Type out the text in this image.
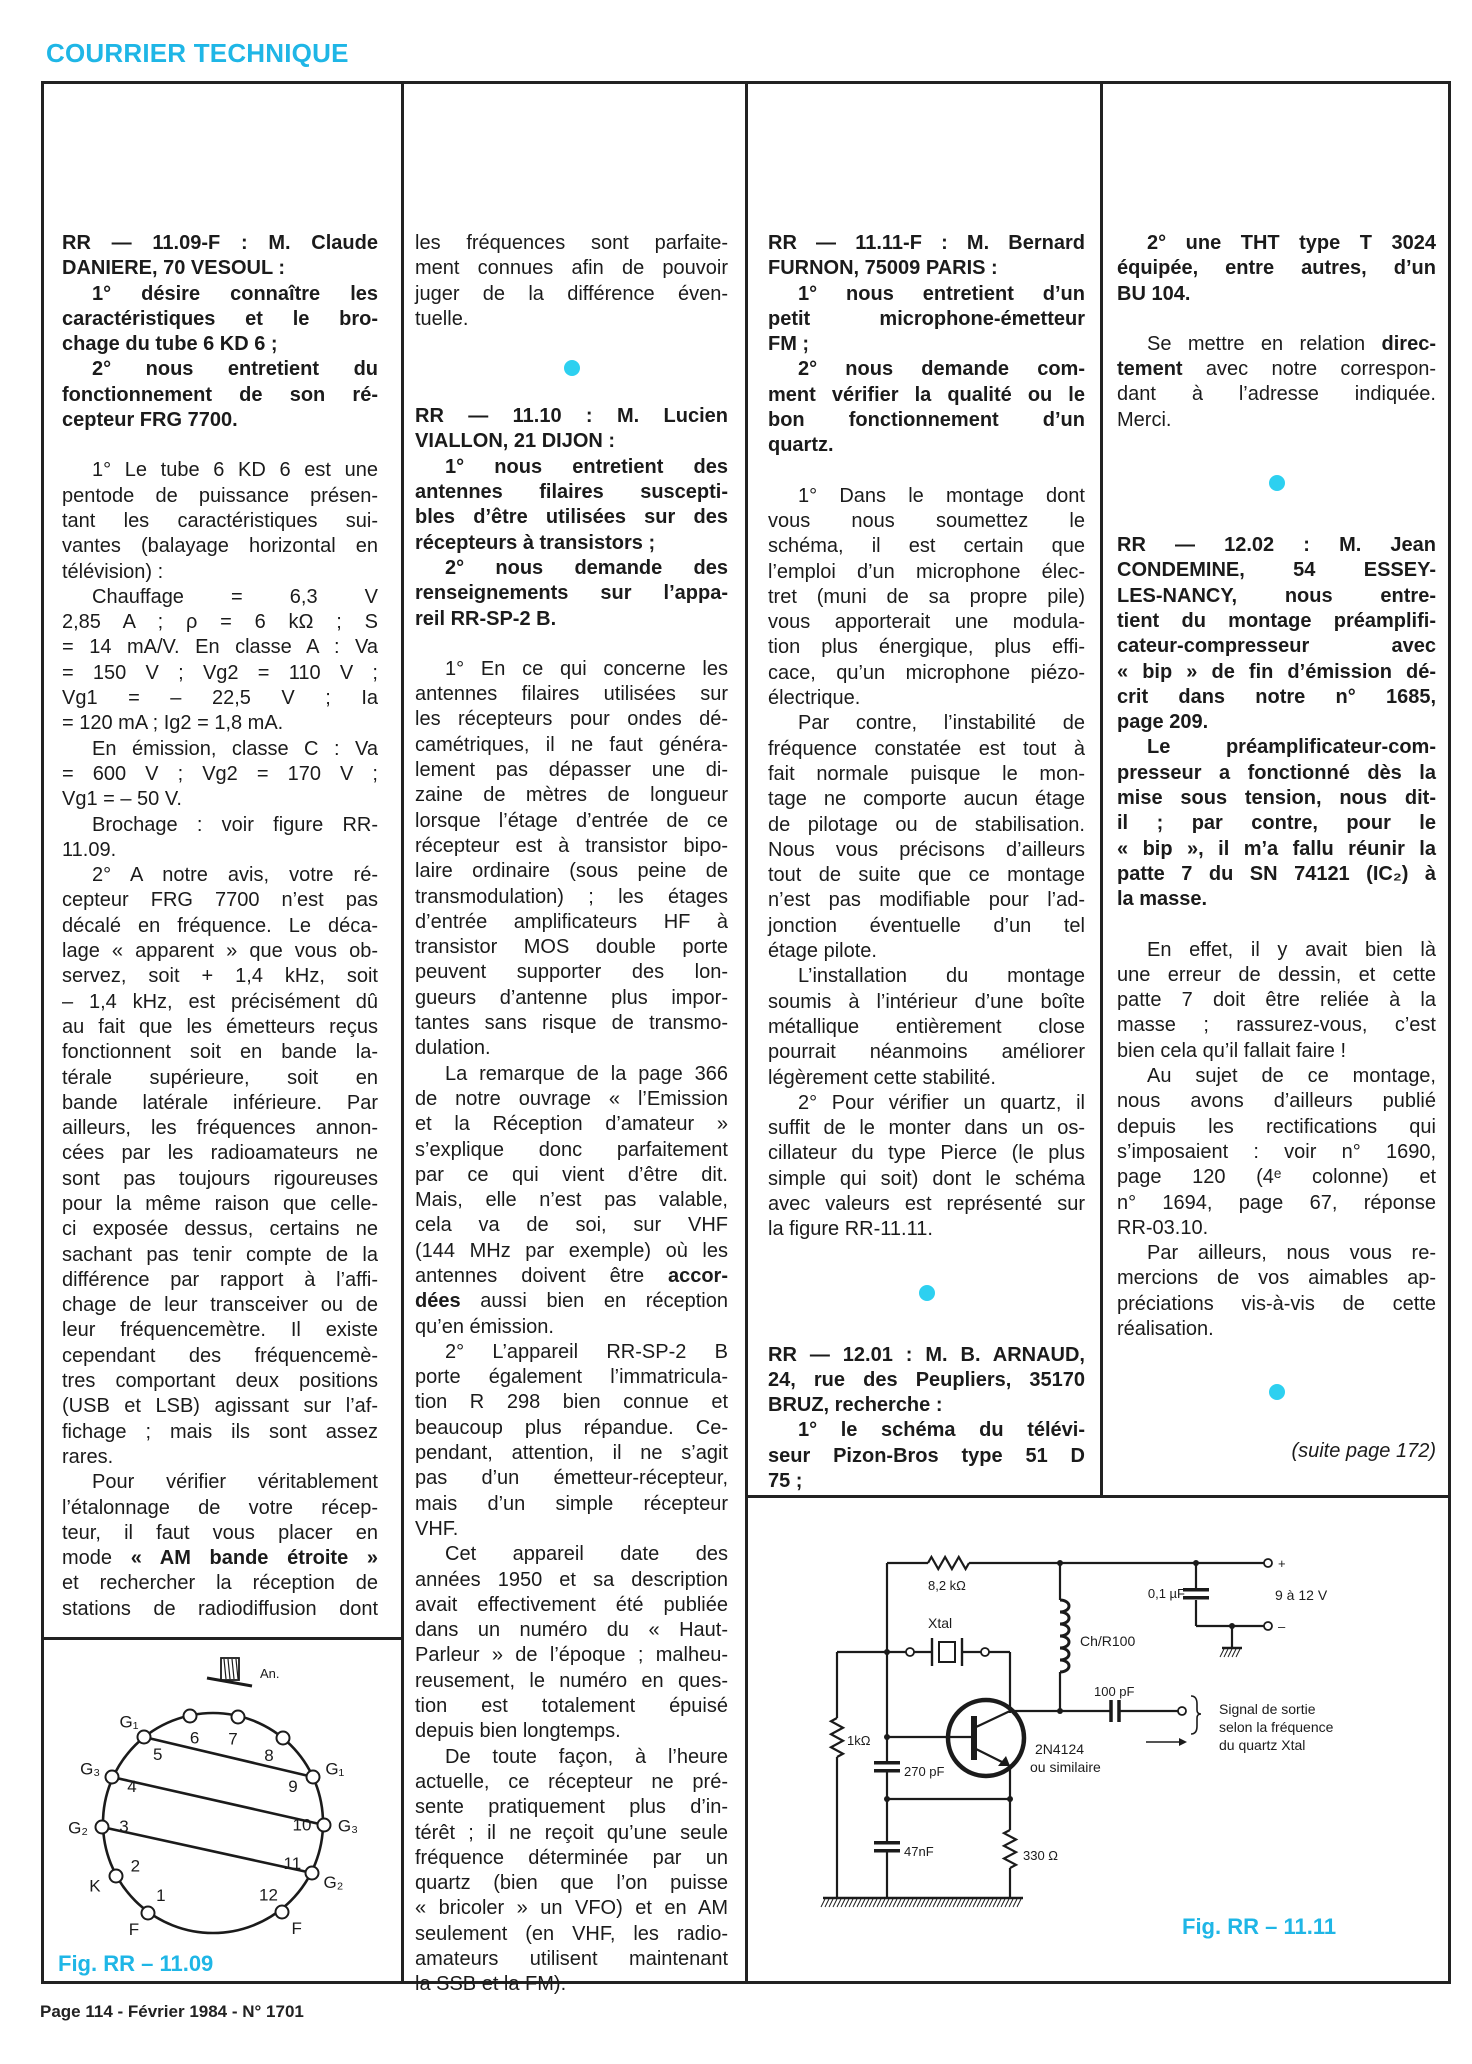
COURRIER TECHNIQUE
RR — 11.09-F : M. Claude
DANIERE, 70 VESOUL :
1° désire connaître les
caractéristiques et le bro-
chage du tube 6 KD 6 ;
2° nous entretient du
fonctionnement de son ré-
cepteur FRG 7700.
1° Le tube 6 KD 6 est une
pentode de puissance présen-
tant les caractéristiques sui-
vantes (balayage horizontal en
télévision) :
Chauffage = 6,3 V
2,85 A ; ρ = 6 kΩ ; S
= 14 mA/V. En classe A : Va
= 150 V ; Vg2 = 110 V ;
Vg1 = – 22,5 V ; Ia
= 120 mA ; Ig2 = 1,8 mA.
En émission, classe C : Va
= 600 V ; Vg2 = 170 V ;
Vg1 = – 50 V.
Brochage : voir figure RR-
11.09.
2° A notre avis, votre ré-
cepteur FRG 7700 n’est pas
décalé en fréquence. Le déca-
lage « apparent » que vous ob-
servez, soit + 1,4 kHz, soit
– 1,4 kHz, est précisément dû
au fait que les émetteurs reçus
fonctionnent soit en bande la-
térale supérieure, soit en
bande latérale inférieure. Par
ailleurs, les fréquences annon-
cées par les radioamateurs ne
sont pas toujours rigoureuses
pour la même raison que celle-
ci exposée dessus, certains ne
sachant pas tenir compte de la
différence par rapport à l’affi-
chage de leur transceiver ou de
leur fréquencemètre. Il existe
cependant des fréquencemè-
tres comportant deux positions
(USB et LSB) agissant sur l’af-
fichage ; mais ils sont assez
rares.
Pour vérifier véritablement
l’étalonnage de votre récep-
teur, il faut vous placer en
mode « AM bande étroite »
et rechercher la réception de
stations de radiodiffusion dont
les fréquences sont parfaite-
ment connues afin de pouvoir
juger de la différence éven-
tuelle.
RR — 11.10 : M. Lucien
VIALLON, 21 DIJON :
1° nous entretient des
antennes filaires suscepti-
bles d’être utilisées sur des
récepteurs à transistors ;
2° nous demande des
renseignements sur l’appa-
reil RR-SP-2 B.
1° En ce qui concerne les
antennes filaires utilisées sur
les récepteurs pour ondes dé-
camétriques, il ne faut généra-
lement pas dépasser une di-
zaine de mètres de longueur
lorsque l’étage d’entrée de ce
récepteur est à transistor bipo-
laire ordinaire (sous peine de
transmodulation) ; les étages
d’entrée amplificateurs HF à
transistor MOS double porte
peuvent supporter des lon-
gueurs d’antenne plus impor-
tantes sans risque de transmo-
dulation.
La remarque de la page 366
de notre ouvrage « l’Emission
et la Réception d’amateur »
s’explique donc parfaitement
par ce qui vient d’être dit.
Mais, elle n’est pas valable,
cela va de soi, sur VHF
(144 MHz par exemple) où les
antennes doivent être accor-
dées aussi bien en réception
qu’en émission.
2° L’appareil RR-SP-2 B
porte également l’immatricula-
tion R 298 bien connue et
beaucoup plus répandue. Ce-
pendant, attention, il ne s’agit
pas d’un émetteur-récepteur,
mais d’un simple récepteur
VHF.
Cet appareil date des
années 1950 et sa description
avait effectivement été publiée
dans un numéro du « Haut-
Parleur » de l’époque ; malheu-
reusement, le numéro en ques-
tion est totalement épuisé
depuis bien longtemps.
De toute façon, à l’heure
actuelle, ce récepteur ne pré-
sente pratiquement plus d’in-
térêt ; il ne reçoit qu’une seule
fréquence déterminée par un
quartz (bien que l’on puisse
« bricoler » un VFO) et en AM
seulement (en VHF, les radio-
amateurs utilisent maintenant
la SSB et la FM).
RR — 11.11-F : M. Bernard
FURNON, 75009 PARIS :
1° nous entretient d’un
petit microphone-émetteur
FM ;
2° nous demande com-
ment vérifier la qualité ou le
bon fonctionnement d’un
quartz.
1° Dans le montage dont
vous nous soumettez le
schéma, il est certain que
l’emploi d’un microphone élec-
tret (muni de sa propre pile)
vous apporterait une modula-
tion plus énergique, plus effi-
cace, qu’un microphone piézo-
électrique.
Par contre, l’instabilité de
fréquence constatée est tout à
fait normale puisque le mon-
tage ne comporte aucun étage
de pilotage ou de stabilisation.
Nous vous précisons d’ailleurs
tout de suite que ce montage
n’est pas modifiable pour l’ad-
jonction éventuelle d’un tel
étage pilote.
L’installation du montage
soumis à l’intérieur d’une boîte
métallique entièrement close
pourrait néanmoins améliorer
légèrement cette stabilité.
2° Pour vérifier un quartz, il
suffit de le monter dans un os-
cillateur du type Pierce (le plus
simple qui soit) dont le schéma
avec valeurs est représenté sur
la figure RR-11.11.
RR — 12.01 : M. B. ARNAUD,
24, rue des Peupliers, 35170
BRUZ, recherche :
1° le schéma du télévi-
seur Pizon-Bros type 51 D
75 ;
2° une THT type T 3024
équipée, entre autres, d’un
BU 104.
Se mettre en relation direc-
tement avec notre correspon-
dant à l’adresse indiquée.
Merci.
RR — 12.02 : M. Jean
CONDEMINE, 54 ESSEY-
LES-NANCY, nous entre-
tient du montage préamplifi-
cateur-compresseur avec
« bip » de fin d’émission dé-
crit dans notre n° 1685,
page 209.
Le préamplificateur-com-
presseur a fonctionné dès la
mise sous tension, nous dit-
il ; par contre, pour le
« bip », il m’a fallu réunir la
patte 7 du SN 74121 (IC₂) à
la masse.
En effet, il y avait bien là
une erreur de dessin, et cette
patte 7 doit être reliée à la
masse ; rassurez-vous, c’est
bien cela qu’il fallait faire !
Au sujet de ce montage,
nous avons d’ailleurs publié
depuis les rectifications qui
s’imposaient : voir n° 1690,
page 120 (4ᵉ colonne) et
n° 1694, page 67, réponse
RR-03.10.
Par ailleurs, nous vous re-
mercions de vos aimables ap-
préciations vis-à-vis de cette
réalisation.
(suite page 172)
1
F
2
K
3
G₂
4
G₃
5
G₁
6 7
8
9
G₁
10 G₃
11
G₂
12
F
An.
Fig. RR – 11.09
+
8,2 kΩ
1kΩ
Xtal
2N4124
ou similaire
330 Ω
270 pF
47nF
Ch/R100
100 pF
Signal de sortie
selon la fréquence
du quartz Xtal
0,1 µF	9 à 12 V
–
Fig. RR – 11.11
Page 114 - Février 1984 - N° 1701
